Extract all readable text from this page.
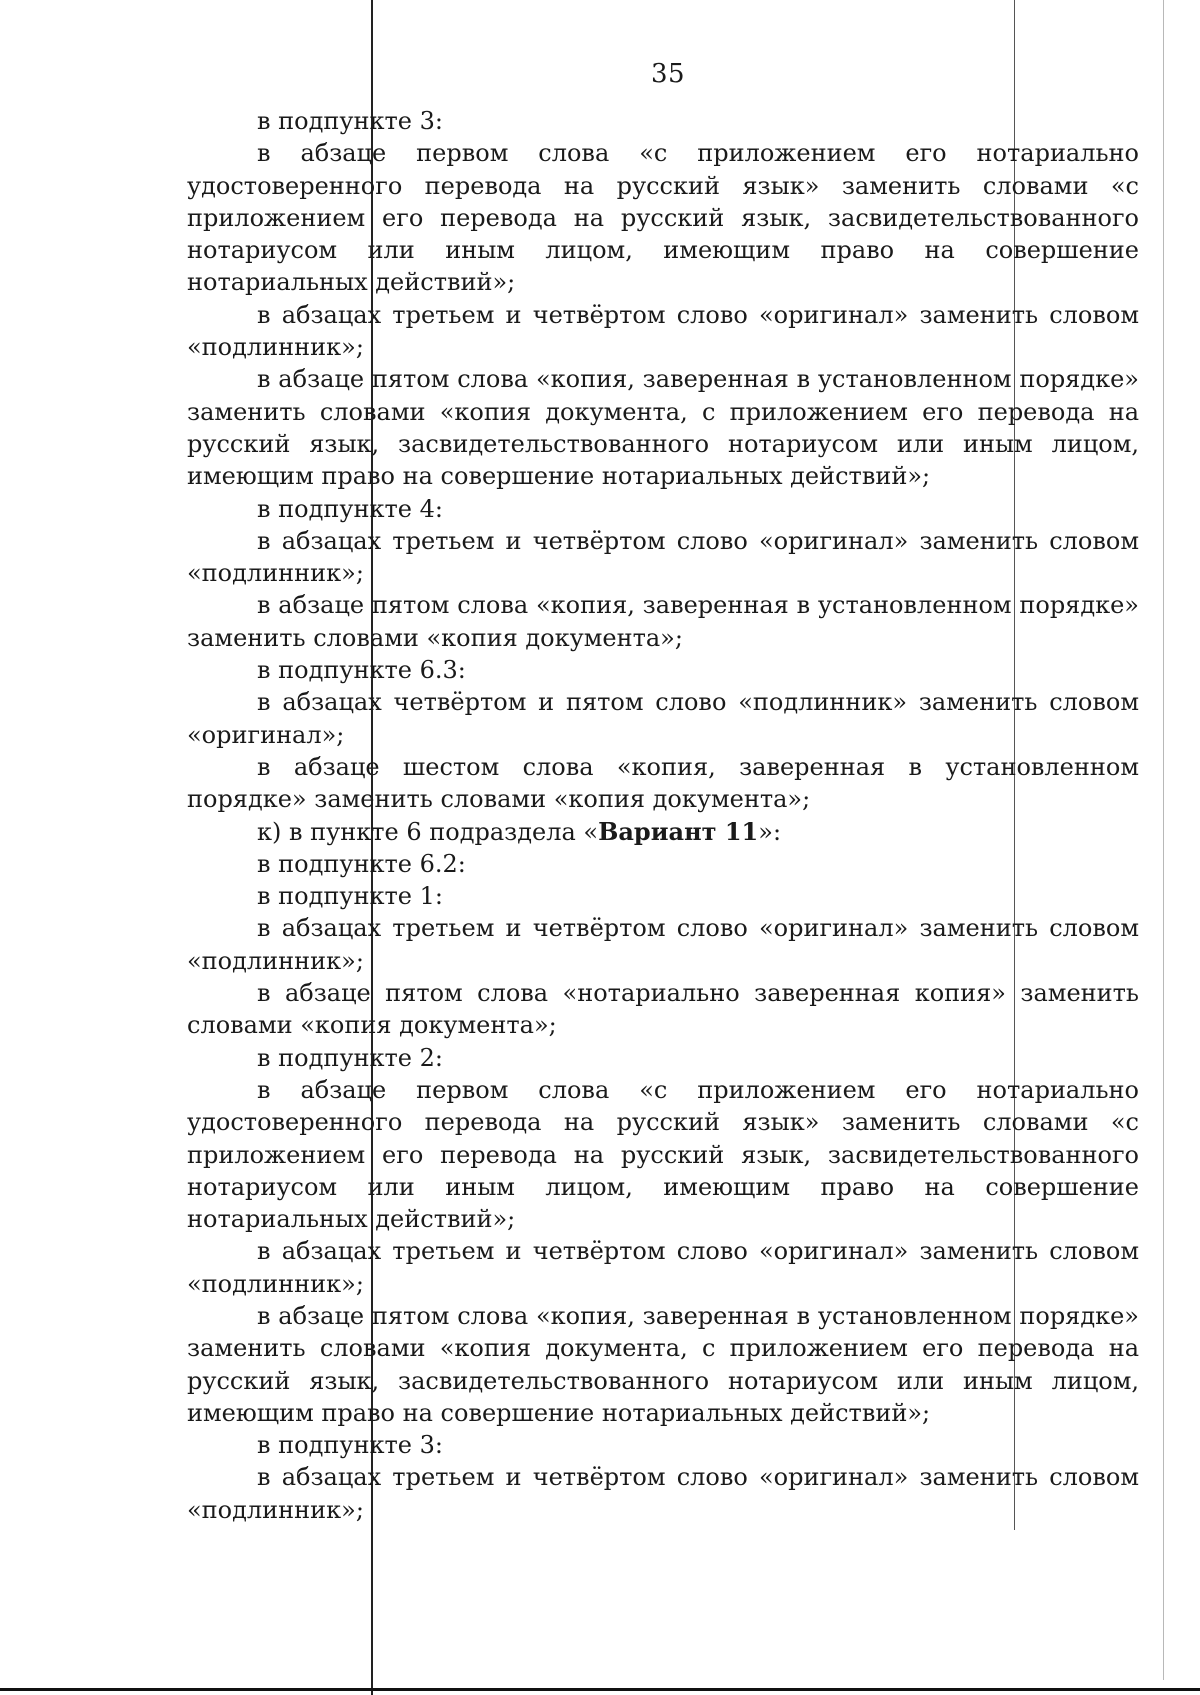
35

в подпункте 3:

в абзаце первом слова «с приложением его нотариально удостоверенного перевода на русский язык» заменить словами «с приложением его перевода на русский язык, засвидетельствованного нотариусом или иным лицом, имеющим право на совершение нотариальных действий»;

в абзацах третьем и четвёртом слово «оригинал» заменить словом «подлинник»;

в абзаце пятом слова «копия, заверенная в установленном порядке» заменить словами «копия документа, с приложением его перевода на русский язык, засвидетельствованного нотариусом или иным лицом, имеющим право на совершение нотариальных действий»;

в подпункте 4:

в абзацах третьем и четвёртом слово «оригинал» заменить словом «подлинник»;

в абзаце пятом слова «копия, заверенная в установленном порядке» заменить словами «копия документа»;

в подпункте 6.3:

в абзацах четвёртом и пятом слово «подлинник» заменить словом «оригинал»;

в абзаце шестом слова «копия, заверенная в установленном порядке» заменить словами «копия документа»;

к) в пункте 6 подраздела «Вариант 11»:

в подпункте 6.2:

в подпункте 1:

в абзацах третьем и четвёртом слово «оригинал» заменить словом «подлинник»;

в абзаце пятом слова «нотариально заверенная копия» заменить словами «копия документа»;

в подпункте 2:

в абзаце первом слова «с приложением его нотариально удостоверенного перевода на русский язык» заменить словами «с приложением его перевода на русский язык, засвидетельствованного нотариусом или иным лицом, имеющим право на совершение нотариальных действий»;

в абзацах третьем и четвёртом слово «оригинал» заменить словом «подлинник»;

в абзаце пятом слова «копия, заверенная в установленном порядке» заменить словами «копия документа, с приложением его перевода на русский язык, засвидетельствованного нотариусом или иным лицом, имеющим право на совершение нотариальных действий»;

в подпункте 3:

в абзацах третьем и четвёртом слово «оригинал» заменить словом «подлинник»;
